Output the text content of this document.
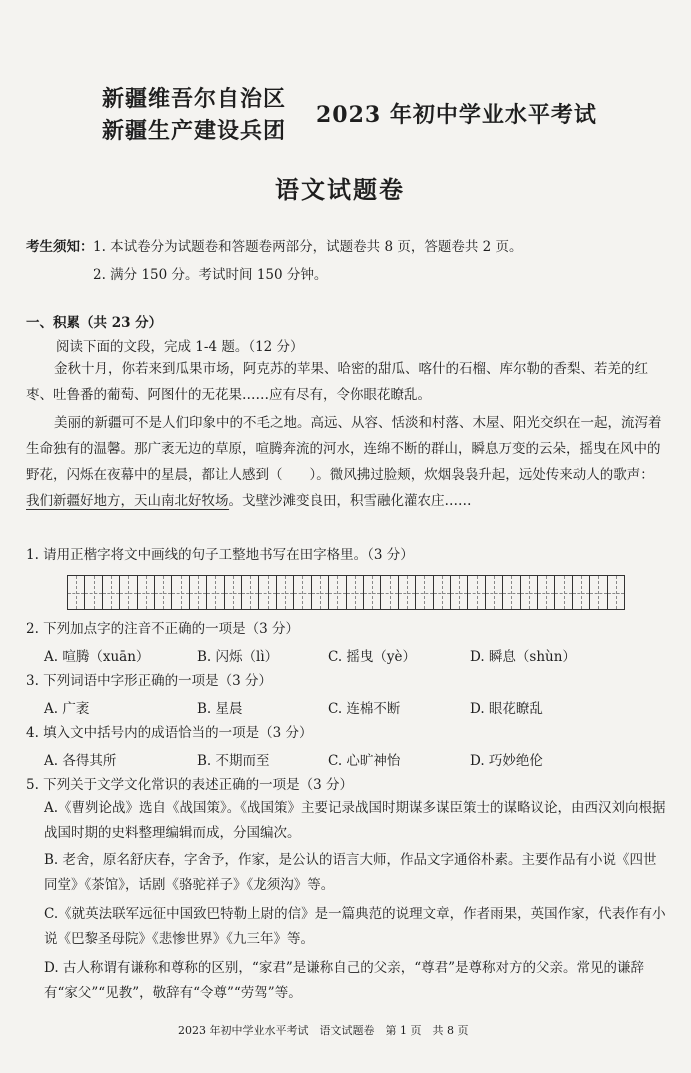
新疆维吾尔自治区
新疆生产建设兵团
2023 年初中学业水平考试
语文试题卷
考生须知： 1. 本试卷分为试题卷和答题卷两部分，试题卷共 8 页，答题卷共 2 页。
2. 满分 150 分。考试时间 150 分钟。
一、积累（共 23 分）
阅读下面的文段，完成 1-4 题。（12 分）
金秋十月，你若来到瓜果市场，阿克苏的苹果、哈密的甜瓜、喀什的石榴、库尔勒的香梨、若羌的红枣、吐鲁番的葡萄、阿图什的无花果……应有尽有，令你眼花瞭乱。
美丽的新疆可不是人们印象中的不毛之地。高远、从容、恬淡和村落、木屋、阳光交织在一起，流泻着生命独有的温馨。那广袤无边的草原，喧腾奔流的河水，连绵不断的群山，瞬息万变的云朵，摇曳在风中的野花，闪烁在夜幕中的星晨，都让人感到（　　）。微风拂过脸颊，炊烟袅袅升起，远处传来动人的歌声：我们新疆好地方，天山南北好牧场。戈壁沙滩变良田，积雪融化灌农庄……
1. 请用正楷字将文中画线的句子工整地书写在田字格里。（3 分）
2. 下列加点字的注音不正确的一项是（3 分）
A. 喧腾（xuān）	B. 闪烁（lì）	C. 摇曳（yè）	D. 瞬息（shùn）
3. 下列词语中字形正确的一项是（3 分）
A. 广袤	B. 星晨	C. 连棉不断	D. 眼花瞭乱
4. 填入文中括号内的成语恰当的一项是（3 分）
A. 各得其所	B. 不期而至	C. 心旷神怡	D. 巧妙绝伦
5. 下列关于文学文化常识的表述正确的一项是（3 分）
A.《曹刿论战》选自《战国策》。《战国策》主要记录战国时期谋多谋臣策士的谋略议论，由西汉刘向根据战国时期的史料整理编辑而成，分国编次。
B. 老舍，原名舒庆春，字舍予，作家，是公认的语言大师，作品文字通俗朴素。主要作品有小说《四世同堂》《茶馆》，话剧《骆驼祥子》《龙须沟》等。
C.《就英法联军远征中国致巴特勒上尉的信》是一篇典范的说理文章，作者雨果，英国作家，代表作有小说《巴黎圣母院》《悲惨世界》《九三年》等。
D. 古人称谓有谦称和尊称的区别，“家君”是谦称自己的父亲，“尊君”是尊称对方的父亲。常见的谦辞有“家父”“见教”，敬辞有“令尊”“劳驾”等。
2023 年初中学业水平考试　语文试题卷　第 1 页　共 8 页
